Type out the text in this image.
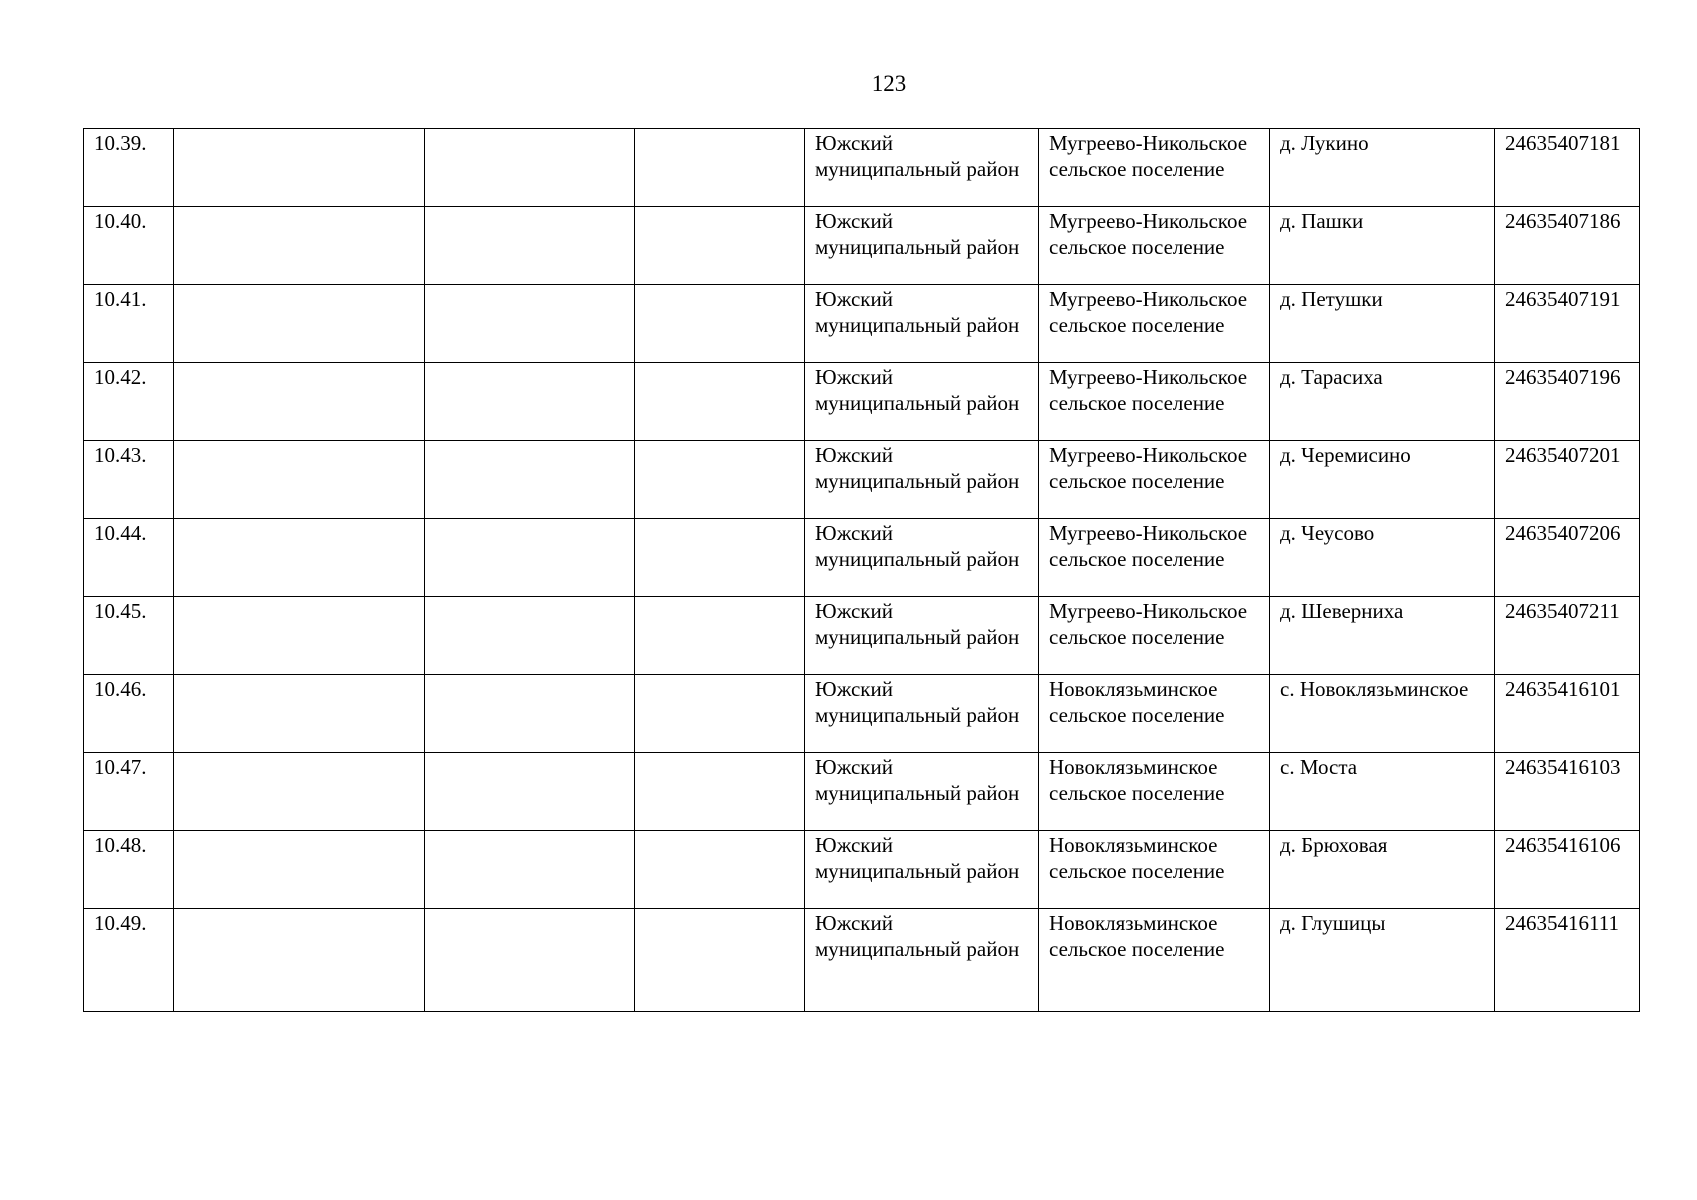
123
10.39.				Южский муниципальный район	Мугреево-Никольское сельское поселение	д. Лукино	24635407181
10.40.				Южский муниципальный район	Мугреево-Никольское сельское поселение	д. Пашки	24635407186
10.41.				Южский муниципальный район	Мугреево-Никольское сельское поселение	д. Петушки	24635407191
10.42.				Южский муниципальный район	Мугреево-Никольское сельское поселение	д. Тарасиха	24635407196
10.43.				Южский муниципальный район	Мугреево-Никольское сельское поселение	д. Черемисино	24635407201
10.44.				Южский муниципальный район	Мугреево-Никольское сельское поселение	д. Чеусово	24635407206
10.45.				Южский муниципальный район	Мугреево-Никольское сельское поселение	д. Шеверниха	24635407211
10.46.				Южский муниципальный район	Новоклязьминское сельское поселение	с. Новоклязьминское	24635416101
10.47.				Южский муниципальный район	Новоклязьминское сельское поселение	с. Моста	24635416103
10.48.				Южский муниципальный район	Новоклязьминское сельское поселение	д. Брюховая	24635416106
10.49.				Южский муниципальный район	Новоклязьминское сельское поселение	д. Глушицы	24635416111
